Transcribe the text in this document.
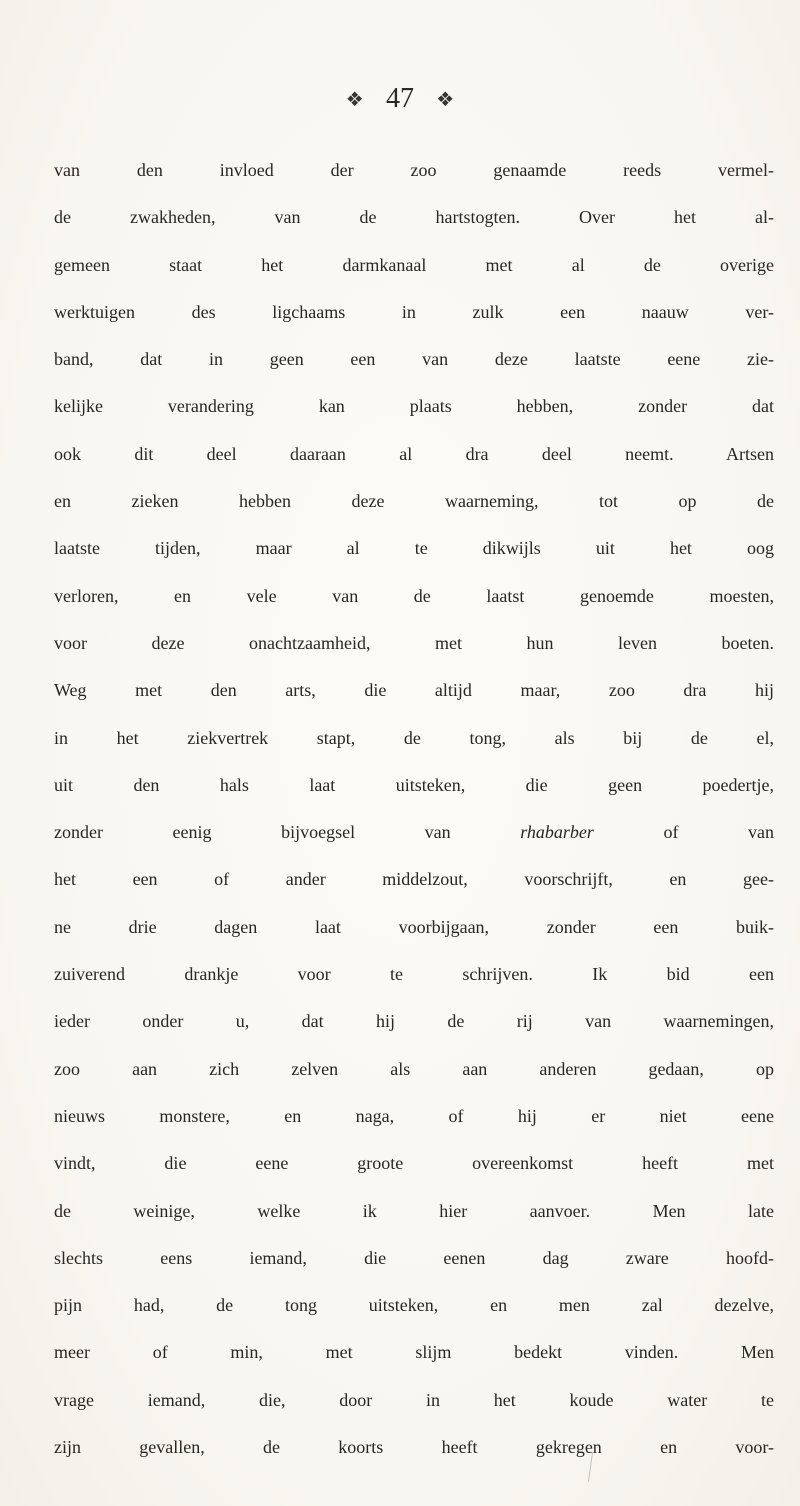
❖ 47 ❖
van den invloed der zoo genaamde reeds vermel-
de zwakheden, van de hartstogten. Over het al-
gemeen staat het darmkanaal met al de overige
werktuigen des ligchaams in zulk een naauw ver-
band, dat in geen een van deze laatste eene zie-
kelijke verandering kan plaats hebben, zonder dat
ook dit deel daaraan al dra deel neemt. Artsen
en zieken hebben deze waarneming, tot op de
laatste tijden, maar al te dikwijls uit het oog
verloren, en vele van de laatst genoemde moesten,
voor deze onachtzaamheid, met hun leven boeten.
Weg met den arts, die altijd maar, zoo dra hij
in het ziekvertrek stapt, de tong, als bij de el,
uit den hals laat uitsteken, die geen poedertje,
zonder eenig bijvoegsel van rhabarber of van
het een of ander middelzout, voorschrijft, en gee-
ne drie dagen laat voorbijgaan, zonder een buik-
zuiverend drankje voor te schrijven. Ik bid een
ieder onder u, dat hij de rij van waarnemingen,
zoo aan zich zelven als aan anderen gedaan, op
nieuws monstere, en naga, of hij er niet eene
vindt, die eene groote overeenkomst heeft met
de weinige, welke ik hier aanvoer. Men late
slechts eens iemand, die eenen dag zware hoofd-
pijn had, de tong uitsteken, en men zal dezelve,
meer of min, met slijm bedekt vinden. Men
vrage iemand, die, door in het koude water te
zijn gevallen, de koorts heeft gekregen en voor-
